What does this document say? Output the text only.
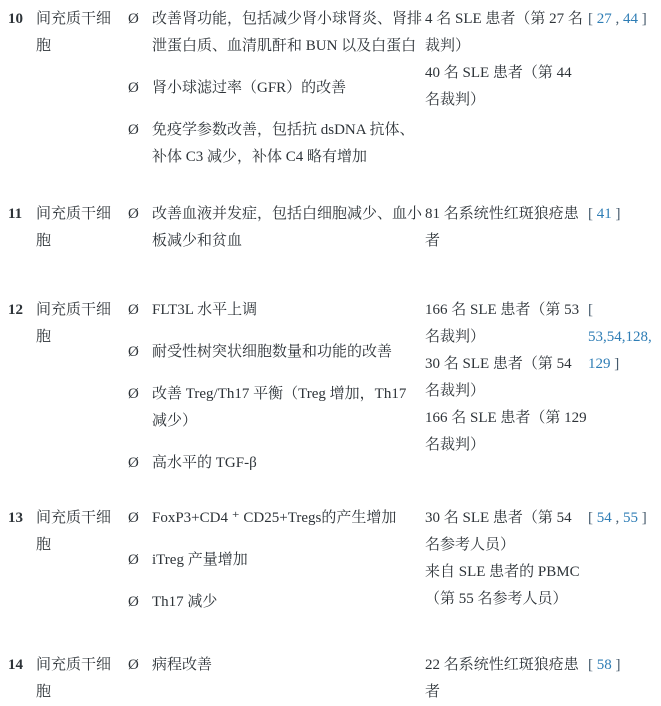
10 间充质干细胞
Ø 改善肾功能，包括减少肾小球肾炎、肾排泄蛋白质、血清肌酐和 BUN 以及白蛋白
Ø 肾小球滤过率（GFR）的改善
Ø 免疫学参数改善，包括抗 dsDNA 抗体、补体 C3 减少，补体 C4 略有增加
4 名 SLE 患者（第 27 名裁判）
40 名 SLE 患者（第 44 名裁判）
[ 27 , 44 ]
11 间充质干细胞
Ø 改善血液并发症，包括白细胞减少、血小板减少和贫血
81 名系统性红斑狼疮患者
[ 41 ]
12 间充质干细胞
Ø FLT3L 水平上调
Ø 耐受性树突状细胞数量和功能的改善
Ø 改善 Treg/Th17 平衡（Treg 增加，Th17 减少）
Ø 高水平的 TGF-β
166 名 SLE 患者（第 53 名裁判）
30 名 SLE 患者（第 54 名裁判）
166 名 SLE 患者（第 129 名裁判）
[
53,54,128,
129 ]
13 间充质干细胞
Ø FoxP3+CD4 ⁺ CD25+Tregs的产生增加
Ø iTreg 产量增加
Ø Th17 减少
30 名 SLE 患者（第 54 名参考人员）
来自 SLE 患者的 PBMC（第 55 名参考人员）
[ 54 , 55 ]
14 间充质干细胞
Ø 病程改善	22 名系统性红斑狼疮患者
[ 58 ]
